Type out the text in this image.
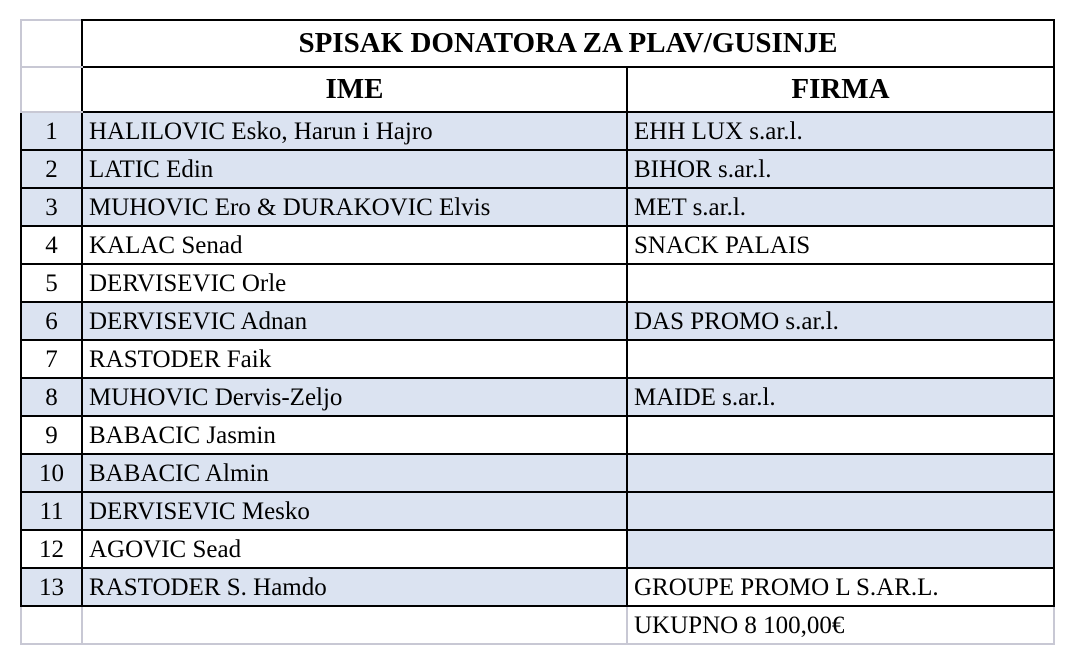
	SPISAK DONATORA ZA PLAV/GUSINJE	
	IME	FIRMA
1	HALILOVIC Esko, Harun i Hajro	EHH LUX s.ar.l.
2	LATIC Edin	BIHOR s.ar.l.
3	MUHOVIC Ero & DURAKOVIC Elvis	MET s.ar.l.
4	KALAC Senad	SNACK PALAIS
5	DERVISEVIC Orle	
6	DERVISEVIC Adnan	DAS PROMO s.ar.l.
7	RASTODER Faik	
8	MUHOVIC Dervis-Zeljo	MAIDE s.ar.l.
9	BABACIC Jasmin	
10	BABACIC Almin	
11	DERVISEVIC Mesko	
12	AGOVIC Sead	
13	RASTODER S. Hamdo	GROUPE PROMO L S.AR.L.
		UKUPNO 8 100,00€
